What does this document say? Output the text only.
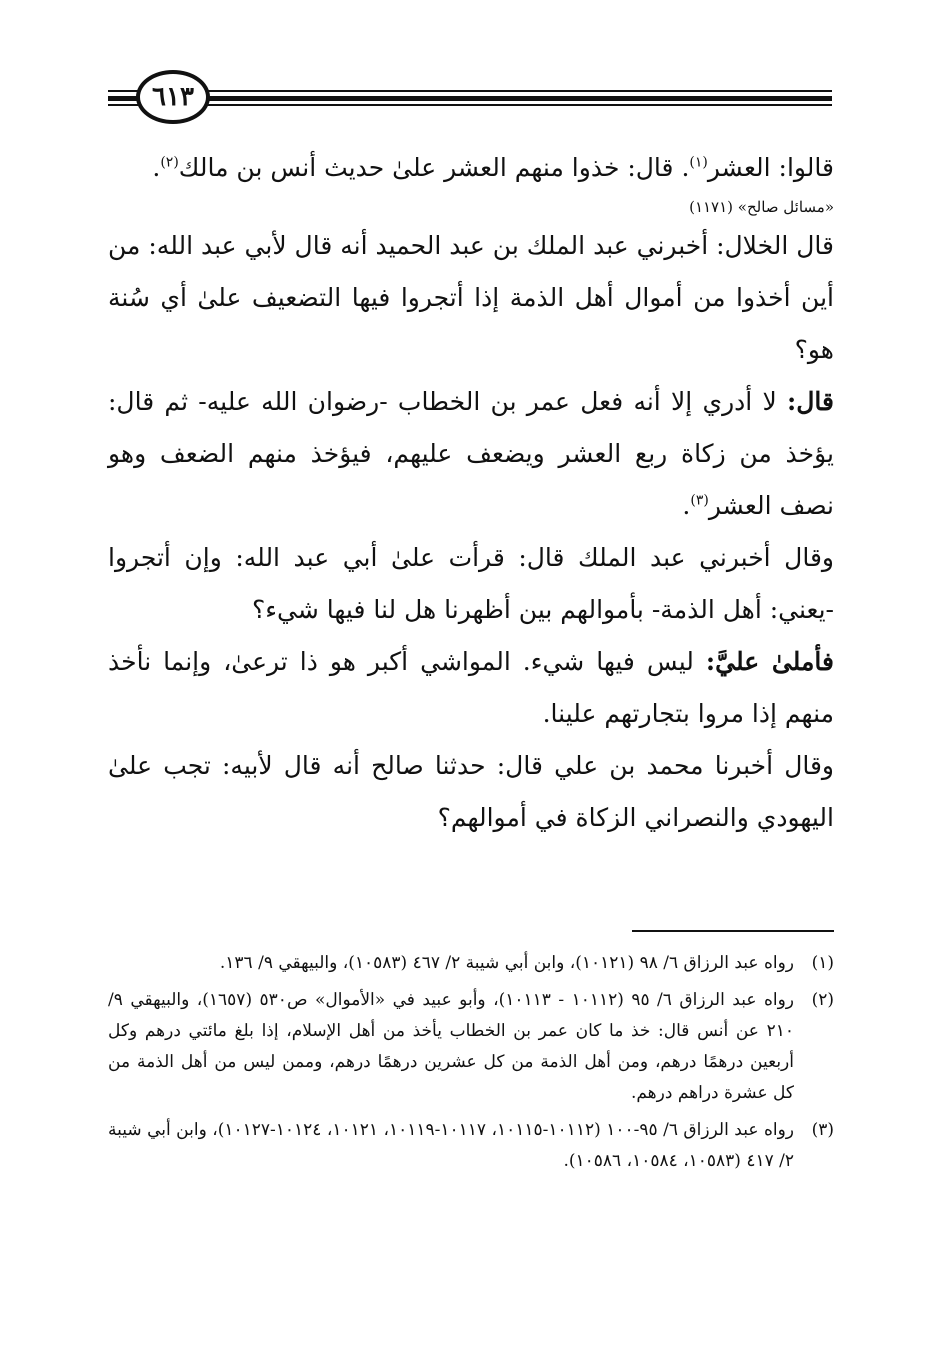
٦١٣

قالوا: العشر$^{(١)}$. قال: خذوا منهم العشر علىٰ حديث أنس بن مالك$^{(٢)}$.

«مسائل صالح» (١١٧١)

قال الخلال: أخبرني عبد الملك بن عبد الحميد أنه قال لأبي عبد الله: من أين أخذوا من أموال أهل الذمة إذا أتجروا فيها التضعيف علىٰ أي سُنة هو؟

قال: لا أدري إلا أنه فعل عمر بن الخطاب -رضوان الله عليه- ثم قال: يؤخذ من زكاة ربع العشر ويضعف عليهم، فيؤخذ منهم الضعف وهو نصف العشر$^{(٣)}$.

وقال أخبرني عبد الملك قال: قرأت علىٰ أبي عبد الله: وإن أتجروا -يعني: أهل الذمة- بأموالهم بين أظهرنا هل لنا فيها شيء؟

فأملىٰ عليَّ: ليس فيها شيء. المواشي أكبر هو ذا ترعىٰ، وإنما نأخذ منهم إذا مروا بتجارتهم علينا.

وقال أخبرنا محمد بن علي قال: حدثنا صالح أنه قال لأبيه: تجب علىٰ اليهودي والنصراني الزكاة في أموالهم؟

(١)
رواه عبد الرزاق ٦/ ٩٨ (١٠١٢١)، وابن أبي شيبة ٢/ ٤٦٧ (١٠٥٨٣)، والبيهقي ٩/ ١٣٦.
(٢)
رواه عبد الرزاق ٦/ ٩٥ (١٠١١٢ - ١٠١١٣)، وأبو عبيد في «الأموال» ص٥٣٠ (١٦٥٧)، والبيهقي ٩/ ٢١٠ عن أنس قال: خذ ما كان عمر بن الخطاب يأخذ من أهل الإسلام، إذا بلغ مائتي درهم وكل أربعين درهمًا درهم، ومن أهل الذمة من كل عشرين درهمًا درهم، وممن ليس من أهل الذمة من كل عشرة دراهم درهم.
(٣)
رواه عبد الرزاق ٦/ ٩٥-١٠٠ (١٠١١٢-١٠١١٥، ١٠١١٧-١٠١١٩، ١٠١٢١، ١٠١٢٤-١٠١٢٧)، وابن أبي شيبة ٢/ ٤١٧ (١٠٥٨٣، ١٠٥٨٤، ١٠٥٨٦).
